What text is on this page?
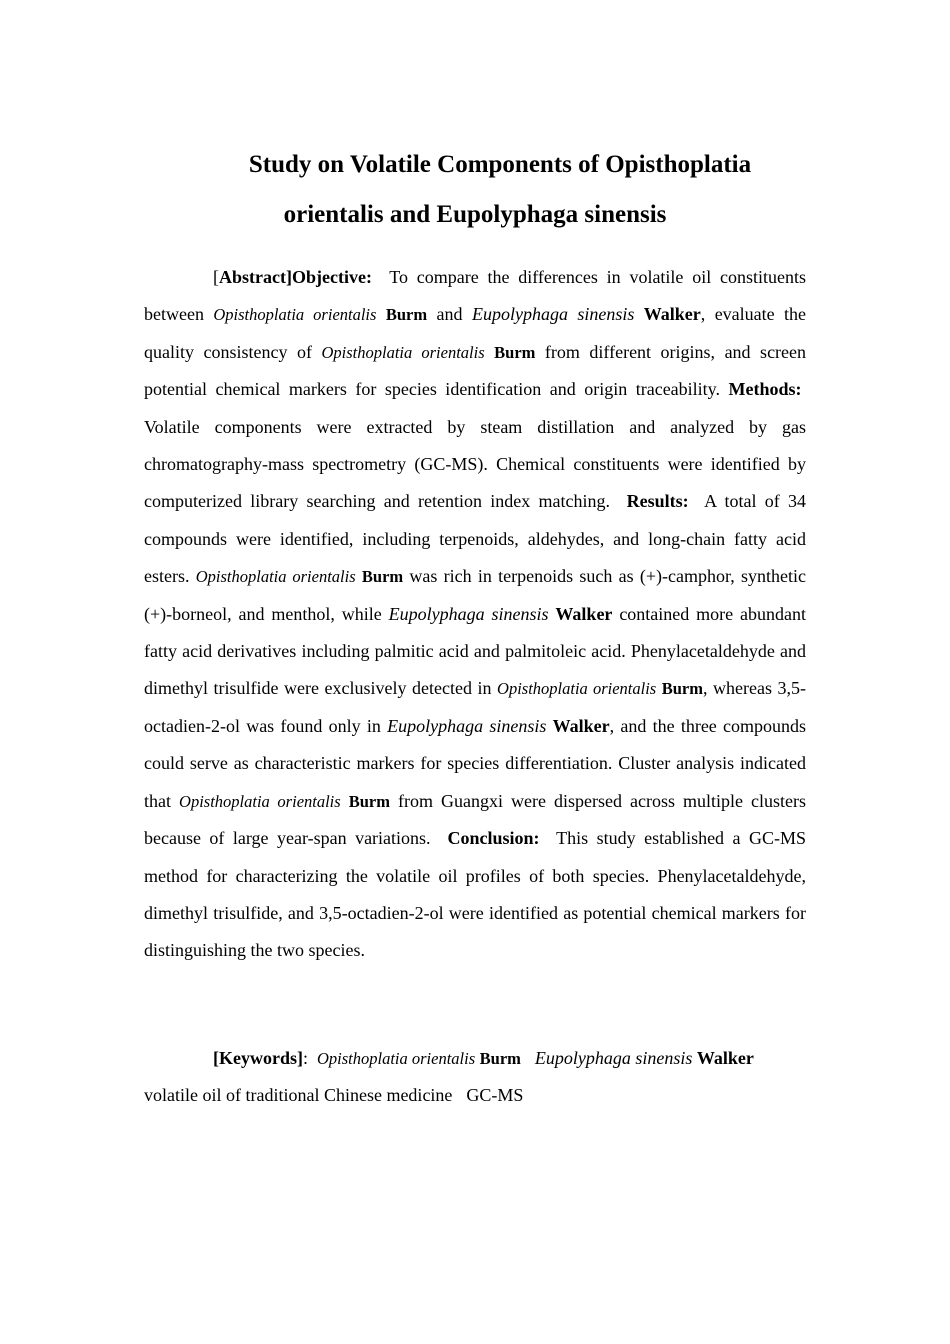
Study on Volatile Components of Opisthoplatia
orientalis and Eupolyphaga sinensis

[Abstract]Objective: To compare the differences in volatile oil constituents between Opisthoplatia orientalis Burm and Eupolyphaga sinensis Walker, evaluate the quality consistency of Opisthoplatia orientalis Burm from different origins, and screen potential chemical markers for species identification and origin traceability. Methods:  Volatile components were extracted by steam distillation and analyzed by gas chromatography-mass spectrometry (GC-MS). Chemical constituents were identified by computerized library searching and retention index matching. Results: A total of 34 compounds were identified, including terpenoids, aldehydes, and long-chain fatty acid esters. Opisthoplatia orientalis Burm was rich in terpenoids such as (+)-camphor, synthetic (+)-borneol, and menthol, while Eupolyphaga sinensis Walker contained more abundant fatty acid derivatives including palmitic acid and palmitoleic acid. Phenylacetaldehyde and dimethyl trisulfide were exclusively detected in Opisthoplatia orientalis Burm, whereas 3,5-octadien-2-ol was found only in Eupolyphaga sinensis Walker, and the three compounds could serve as characteristic markers for species differentiation. Cluster analysis indicated that Opisthoplatia orientalis Burm from Guangxi were dispersed across multiple clusters because of large year-span variations. Conclusion: This study established a GC-MS method for characterizing the volatile oil profiles of both species. Phenylacetaldehyde, dimethyl trisulfide, and 3,5-octadien-2-ol were identified as potential chemical markers for distinguishing the two species.

[Keywords]: Opisthoplatia orientalis Burm Eupolyphaga sinensis Walkervolatile oil of traditional Chinese medicine GC-MS
